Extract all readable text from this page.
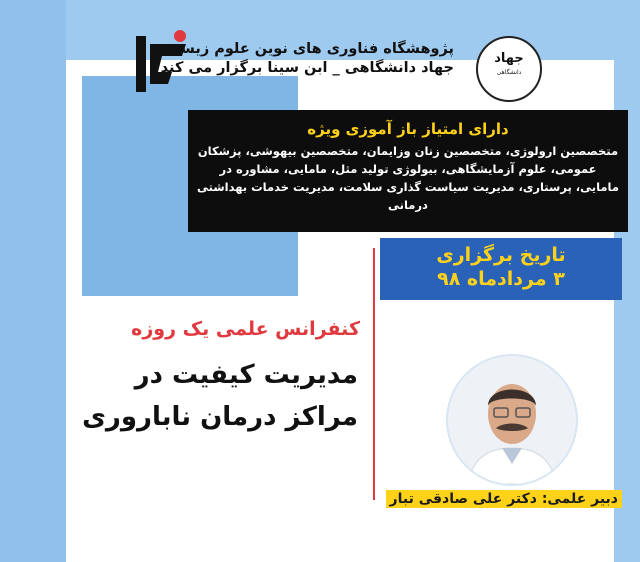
جهاد
دانشگاهی
پژوهشگاه فناوری های نوین علوم زیستی
جهاد دانشگاهی _ ابن سینا برگزار می کند
دارای امتیاز باز آموزی ویژه
متخصصین ارولوژی، متخصصین زنان وزایمان، متخصصین بیهوشی، پزشکان عمومی، علوم آزمایشگاهی، بیولوژی تولید مثل، مامایی، مشاوره در مامایی، پرستاری، مدیریت سیاست گذاری سلامت، مدیریت خدمات بهداشتی درمانی
تاریخ برگزاری
۳ مردادماه ۹۸
کنفرانس علمی یک روزه
مدیریت کیفیت در مراکز درمان ناباروری
دبیر علمی: دکتر علی صادقی تبار
